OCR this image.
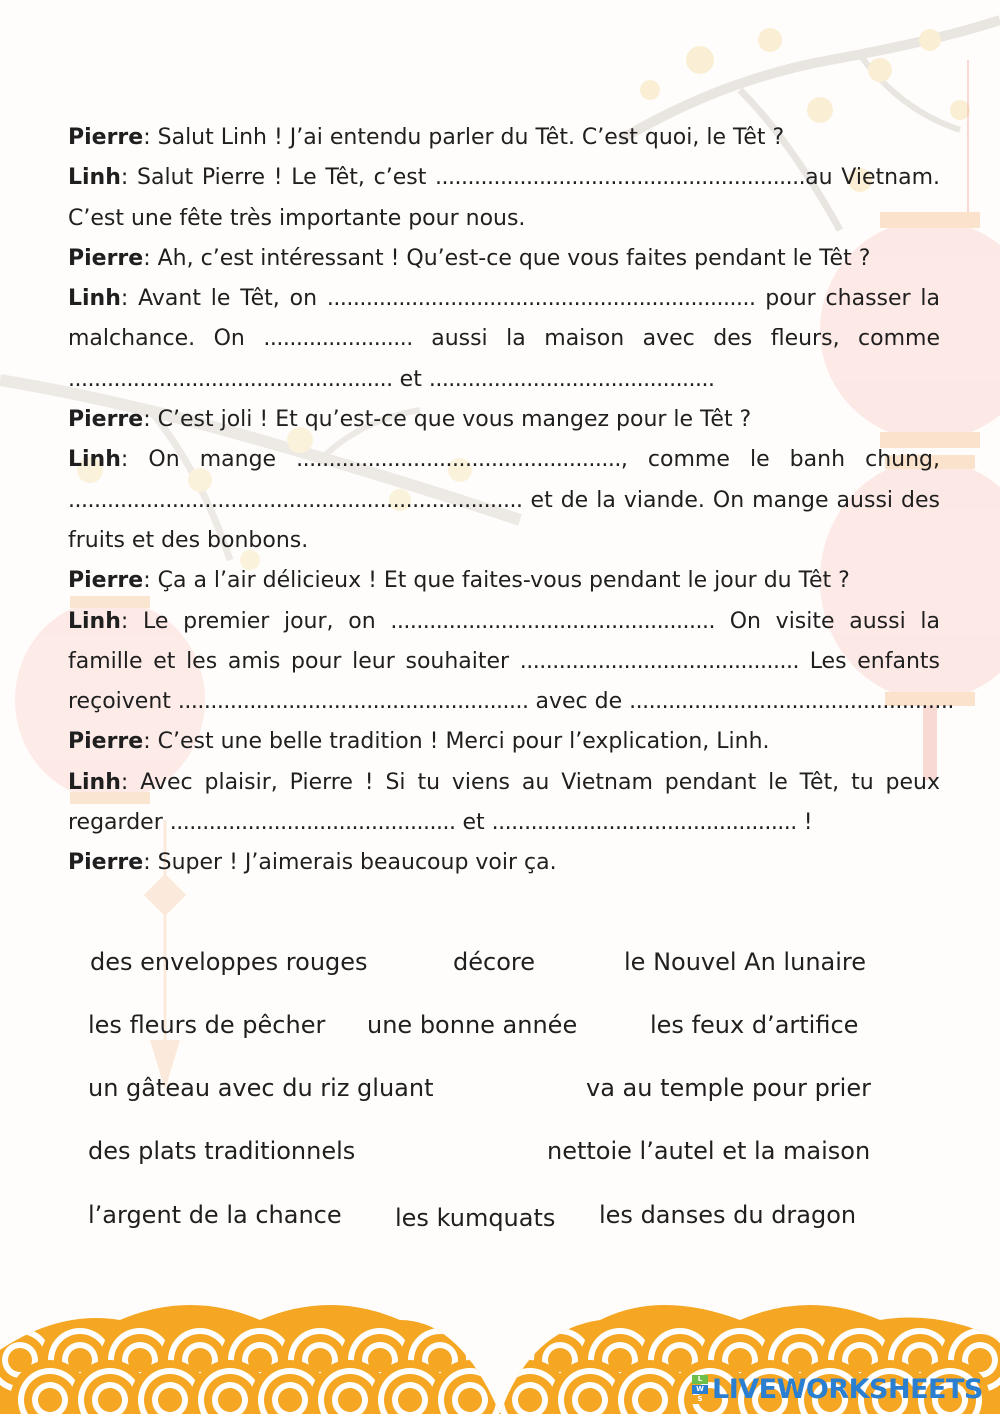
Pierre: Salut Linh ! J’ai entendu parler du Têt. C’est quoi, le Têt ?
Linh: Salut Pierre ! Le Têt, c’est .........................................................au Vietnam.
C’est une fête très importante pour nous.
Pierre: Ah, c’est intéressant ! Qu’est-ce que vous faites pendant le Têt ?
Linh: Avant le Têt, on .................................................................. pour chasser la
malchance. On ....................... aussi la maison avec des fleurs, comme
.................................................. et ............................................
Pierre: C’est joli ! Et qu’est-ce que vous mangez pour le Têt ?
Linh: On mange .................................................., comme le banh chung,
...................................................................... et de la viande. On mange aussi des
fruits et des bonbons.
Pierre: Ça a l’air délicieux ! Et que faites-vous pendant le jour du Têt ?
Linh: Le premier jour, on .................................................. On visite aussi la
famille et les amis pour leur souhaiter ........................................... Les enfants
reçoivent ...................................................... avec de ..................................................
Pierre: C’est une belle tradition ! Merci pour l’explication, Linh.
Linh: Avec plaisir, Pierre ! Si tu viens au Vietnam pendant le Têt, tu peux
regarder ............................................ et ............................................... !
Pierre: Super ! J’aimerais beaucoup voir ça.
des enveloppes rouges	décore	le Nouvel An lunaire
les fleurs de pêcher une bonne année	les feux d’artifice
un gâteau avec du riz gluant	va au temple pour prier
des plats traditionnels	nettoie l’autel et la maison
l’argent de la chance les kumquats les danses du dragon
L
W
S LIVEWORKSHEETS
